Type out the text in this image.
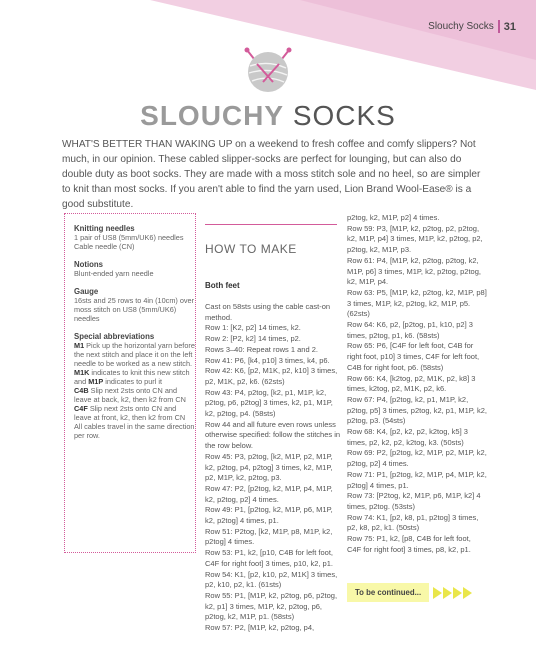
Slouchy Socks 31
SLOUCHY SOCKS
WHAT'S BETTER THAN WAKING UP on a weekend to fresh coffee and comfy slippers? Not much, in our opinion. These cabled slipper-socks are perfect for lounging, but can also do double duty as boot socks. They are made with a moss stitch sole and no heel, so are simpler to knit than most socks. If you aren't able to find the yarn used, Lion Brand Wool-Ease® is a good substitute.
Knitting needles

1 pair of US8 (5mm/UK6) needles
Cable needle (CN)

Notions

Blunt-ended yarn needle

Gauge

16sts and 25 rows to 4in (10cm) over moss stitch on US8 (5mm/UK6) needles

Special abbreviations

M1 Pick up the horizontal yarn before the next stitch and place it on the left needle to be worked as a new stitch.

M1K indicates to knit this new stitch and M1P indicates to purl it

C4B Slip next 2sts onto CN and leave at back, k2, then k2 from CN

C4F Slip next 2sts onto CN and leave at front, k2, then k2 from CN

All cables travel in the same direction per row.

HOW TO MAKE

Both feet

Cast on 58sts using the cable cast-on method.
Row 1: [K2, p2] 14 times, k2.
Row 2: [P2, k2] 14 times, p2.
Rows 3–40: Repeat rows 1 and 2.
Row 41: P6, [k4, p10] 3 times, k4, p6.
Row 42: K6, [p2, M1K, p2, k10] 3 times, p2, M1K, p2, k6. (62sts)
Row 43: P4, p2tog, [k2, p1, M1P, k2, p2tog, p6, p2tog] 3 times, k2, p1, M1P, k2, p2tog, p4. (58sts)
Row 44 and all future even rows unless otherwise specified: follow the stitches in the row below.
Row 45: P3, p2tog, [k2, M1P, p2, M1P, k2, p2tog, p4, p2tog] 3 times, k2, M1P, p2, M1P, k2, p2tog, p3.
Row 47: P2, [p2tog, k2, M1P, p4, M1P, k2, p2tog, p2] 4 times.
Row 49: P1, [p2tog, k2, M1P, p6, M1P, k2, p2tog] 4 times, p1.
Row 51: P2tog, [k2, M1P, p8, M1P, k2, p2tog] 4 times.
Row 53: P1, k2, [p10, C4B for left foot, C4F for right foot] 3 times, p10, k2, p1.
Row 54: K1, [p2, k10, p2, M1K] 3 times, p2, k10, p2, k1. (61sts)
Row 55: P1, [M1P, k2, p2tog, p6, p2tog, k2, p1] 3 times, M1P, k2, p2tog, p6, p2tog, k2, M1P, p1. (58sts)
Row 57: P2, [M1P, k2, p2tog, p4,

p2tog, k2, M1P, p2] 4 times.
Row 59: P3, [M1P, k2, p2tog, p2, p2tog, k2, M1P, p4] 3 times, M1P, k2, p2tog, p2, p2tog, k2, M1P, p3.
Row 61: P4, [M1P, k2, p2tog, p2tog, k2, M1P, p6] 3 times, M1P, k2, p2tog, p2tog, k2, M1P, p4.
Row 63: P5, [M1P, k2, p2tog, k2, M1P, p8] 3 times, M1P, k2, p2tog, k2, M1P, p5. (62sts)
Row 64: K6, p2, [p2tog, p1, k10, p2] 3 times, p2tog, p1, k6. (58sts)
Row 65: P6, [C4F for left foot, C4B for right foot, p10] 3 times, C4F for left foot, C4B for right foot, p6. (58sts)
Row 66: K4, [k2tog, p2, M1K, p2, k8] 3 times, k2tog, p2, M1K, p2, k6.
Row 67: P4, [p2tog, k2, p1, M1P, k2, p2tog, p5] 3 times, p2tog, k2, p1, M1P, k2, p2tog, p3. (54sts)
Row 68: K4, [p2, k2, p2, k2tog, k5] 3 times, p2, k2, p2, k2tog, k3. (50sts)
Row 69: P2, [p2tog, k2, M1P, p2, M1P, k2, p2tog, p2] 4 times.
Row 71: P1, [p2tog, k2, M1P, p4, M1P, k2, p2tog] 4 times, p1.
Row 73: [P2tog, k2, M1P, p6, M1P, k2] 4 times, p2tog. (53sts)
Row 74: K1, [p2, k8, p1, p2tog] 3 times, p2, k8, p2, k1. (50sts)
Row 75: P1, k2, [p8, C4B for left foot, C4F for right foot] 3 times, p8, k2, p1.
To be continued...
